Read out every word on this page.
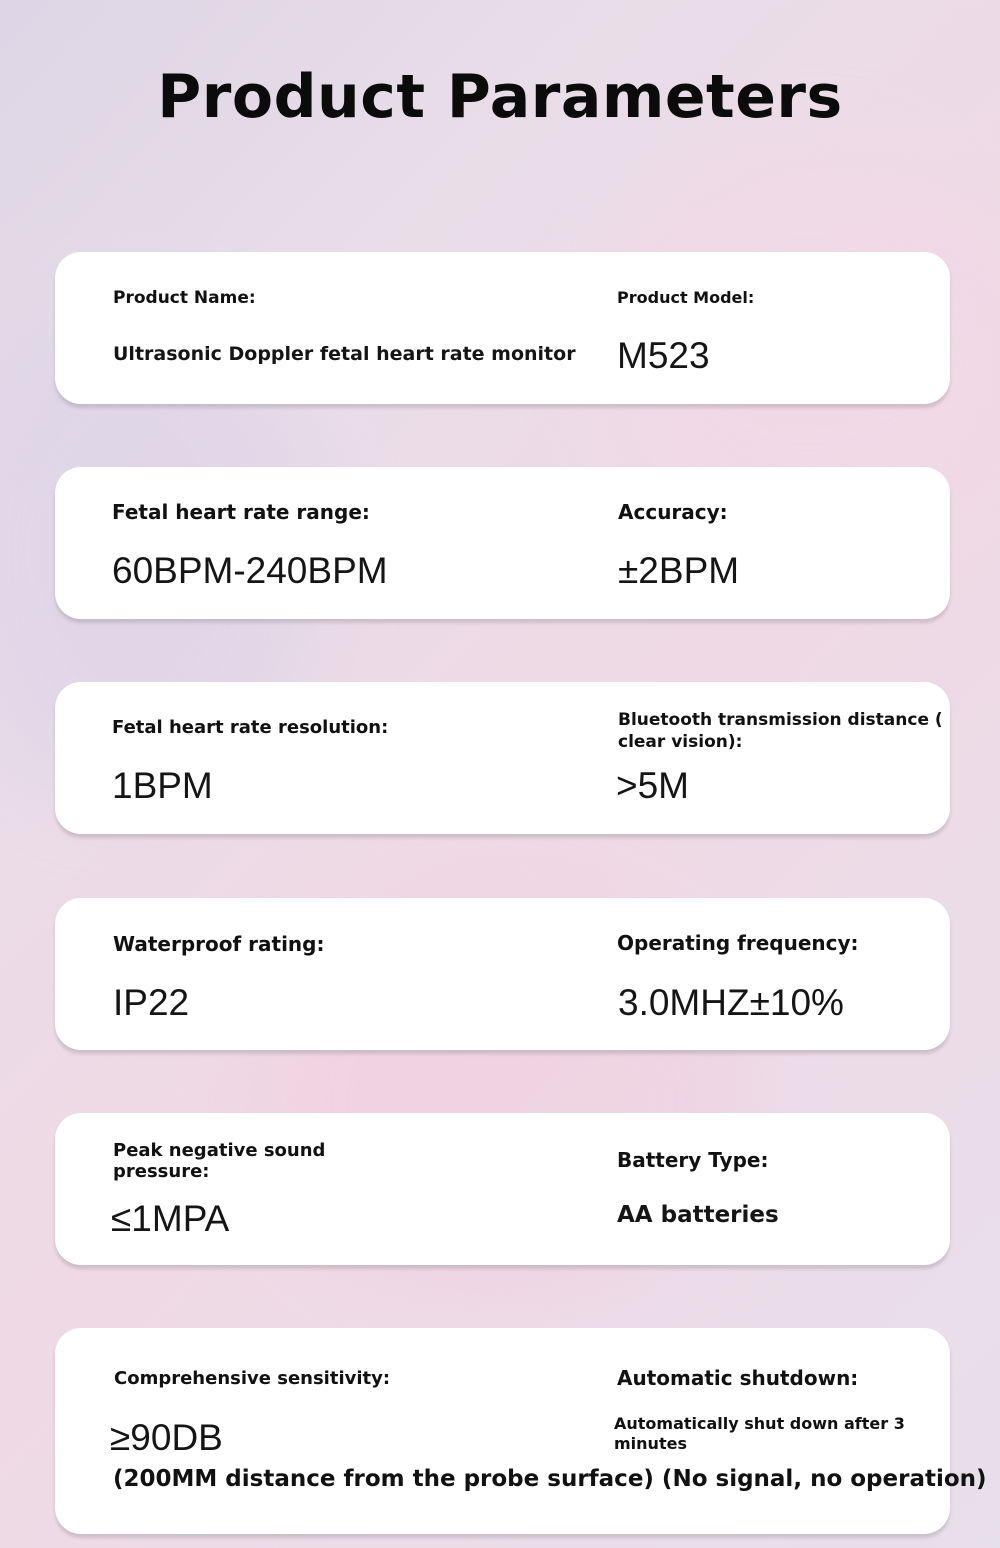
Product Parameters
Product Name:
Ultrasonic Doppler fetal heart rate monitor
Product Model:
M523
Fetal heart rate range:
60BPM-240BPM
Accuracy:
±2BPM
Fetal heart rate resolution:
1BPM
Bluetooth transmission distance (
clear vision):
>5M
Waterproof rating:
IP22
Operating frequency:
3.0MHZ±10%
Peak negative sound
pressure:
≤1MPA
Battery Type:
AA batteries
Comprehensive sensitivity:
≥90DB
Automatic shutdown:
Automatically shut down after 3
minutes
(200MM distance from the probe surface) (No signal, no operation)
